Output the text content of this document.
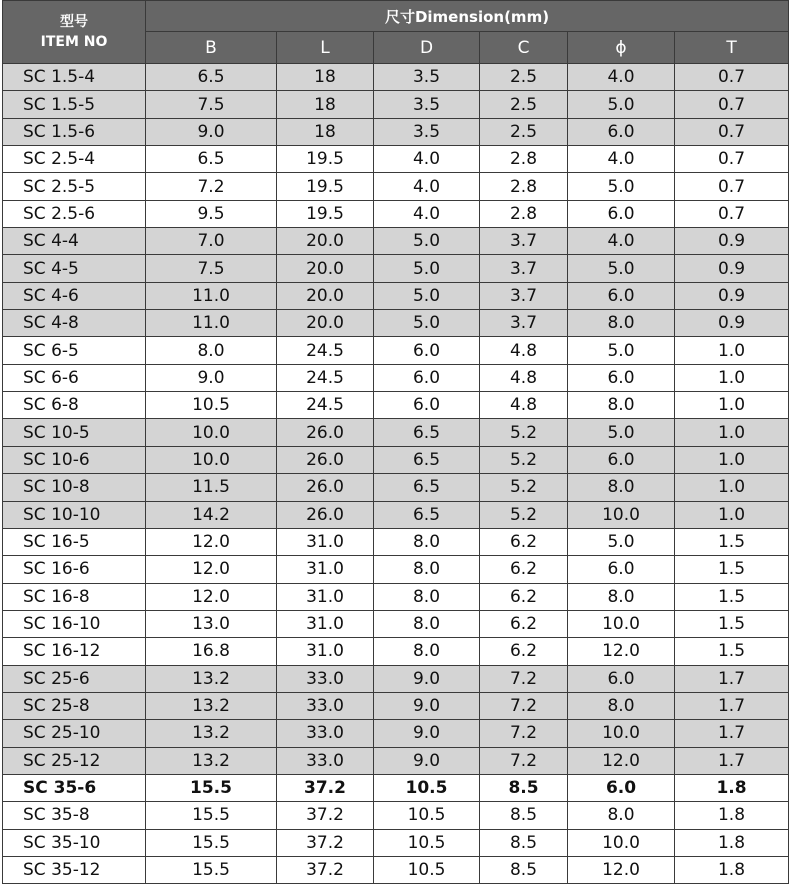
型号
ITEM NO	尺寸Dimension(mm)					
	B	L	D	C	ϕ	T
SC 1.5-4	6.5	18	3.5	2.5	4.0	0.7
SC 1.5-5	7.5	18	3.5	2.5	5.0	0.7
SC 1.5-6	9.0	18	3.5	2.5	6.0	0.7
SC 2.5-4	6.5	19.5	4.0	2.8	4.0	0.7
SC 2.5-5	7.2	19.5	4.0	2.8	5.0	0.7
SC 2.5-6	9.5	19.5	4.0	2.8	6.0	0.7
SC 4-4	7.0	20.0	5.0	3.7	4.0	0.9
SC 4-5	7.5	20.0	5.0	3.7	5.0	0.9
SC 4-6	11.0	20.0	5.0	3.7	6.0	0.9
SC 4-8	11.0	20.0	5.0	3.7	8.0	0.9
SC 6-5	8.0	24.5	6.0	4.8	5.0	1.0
SC 6-6	9.0	24.5	6.0	4.8	6.0	1.0
SC 6-8	10.5	24.5	6.0	4.8	8.0	1.0
SC 10-5	10.0	26.0	6.5	5.2	5.0	1.0
SC 10-6	10.0	26.0	6.5	5.2	6.0	1.0
SC 10-8	11.5	26.0	6.5	5.2	8.0	1.0
SC 10-10	14.2	26.0	6.5	5.2	10.0	1.0
SC 16-5	12.0	31.0	8.0	6.2	5.0	1.5
SC 16-6	12.0	31.0	8.0	6.2	6.0	1.5
SC 16-8	12.0	31.0	8.0	6.2	8.0	1.5
SC 16-10	13.0	31.0	8.0	6.2	10.0	1.5
SC 16-12	16.8	31.0	8.0	6.2	12.0	1.5
SC 25-6	13.2	33.0	9.0	7.2	6.0	1.7
SC 25-8	13.2	33.0	9.0	7.2	8.0	1.7
SC 25-10	13.2	33.0	9.0	7.2	10.0	1.7
SC 25-12	13.2	33.0	9.0	7.2	12.0	1.7
SC 35-6	15.5	37.2	10.5	8.5	6.0	1.8
SC 35-8	15.5	37.2	10.5	8.5	8.0	1.8
SC 35-10	15.5	37.2	10.5	8.5	10.0	1.8
SC 35-12	15.5	37.2	10.5	8.5	12.0	1.8
